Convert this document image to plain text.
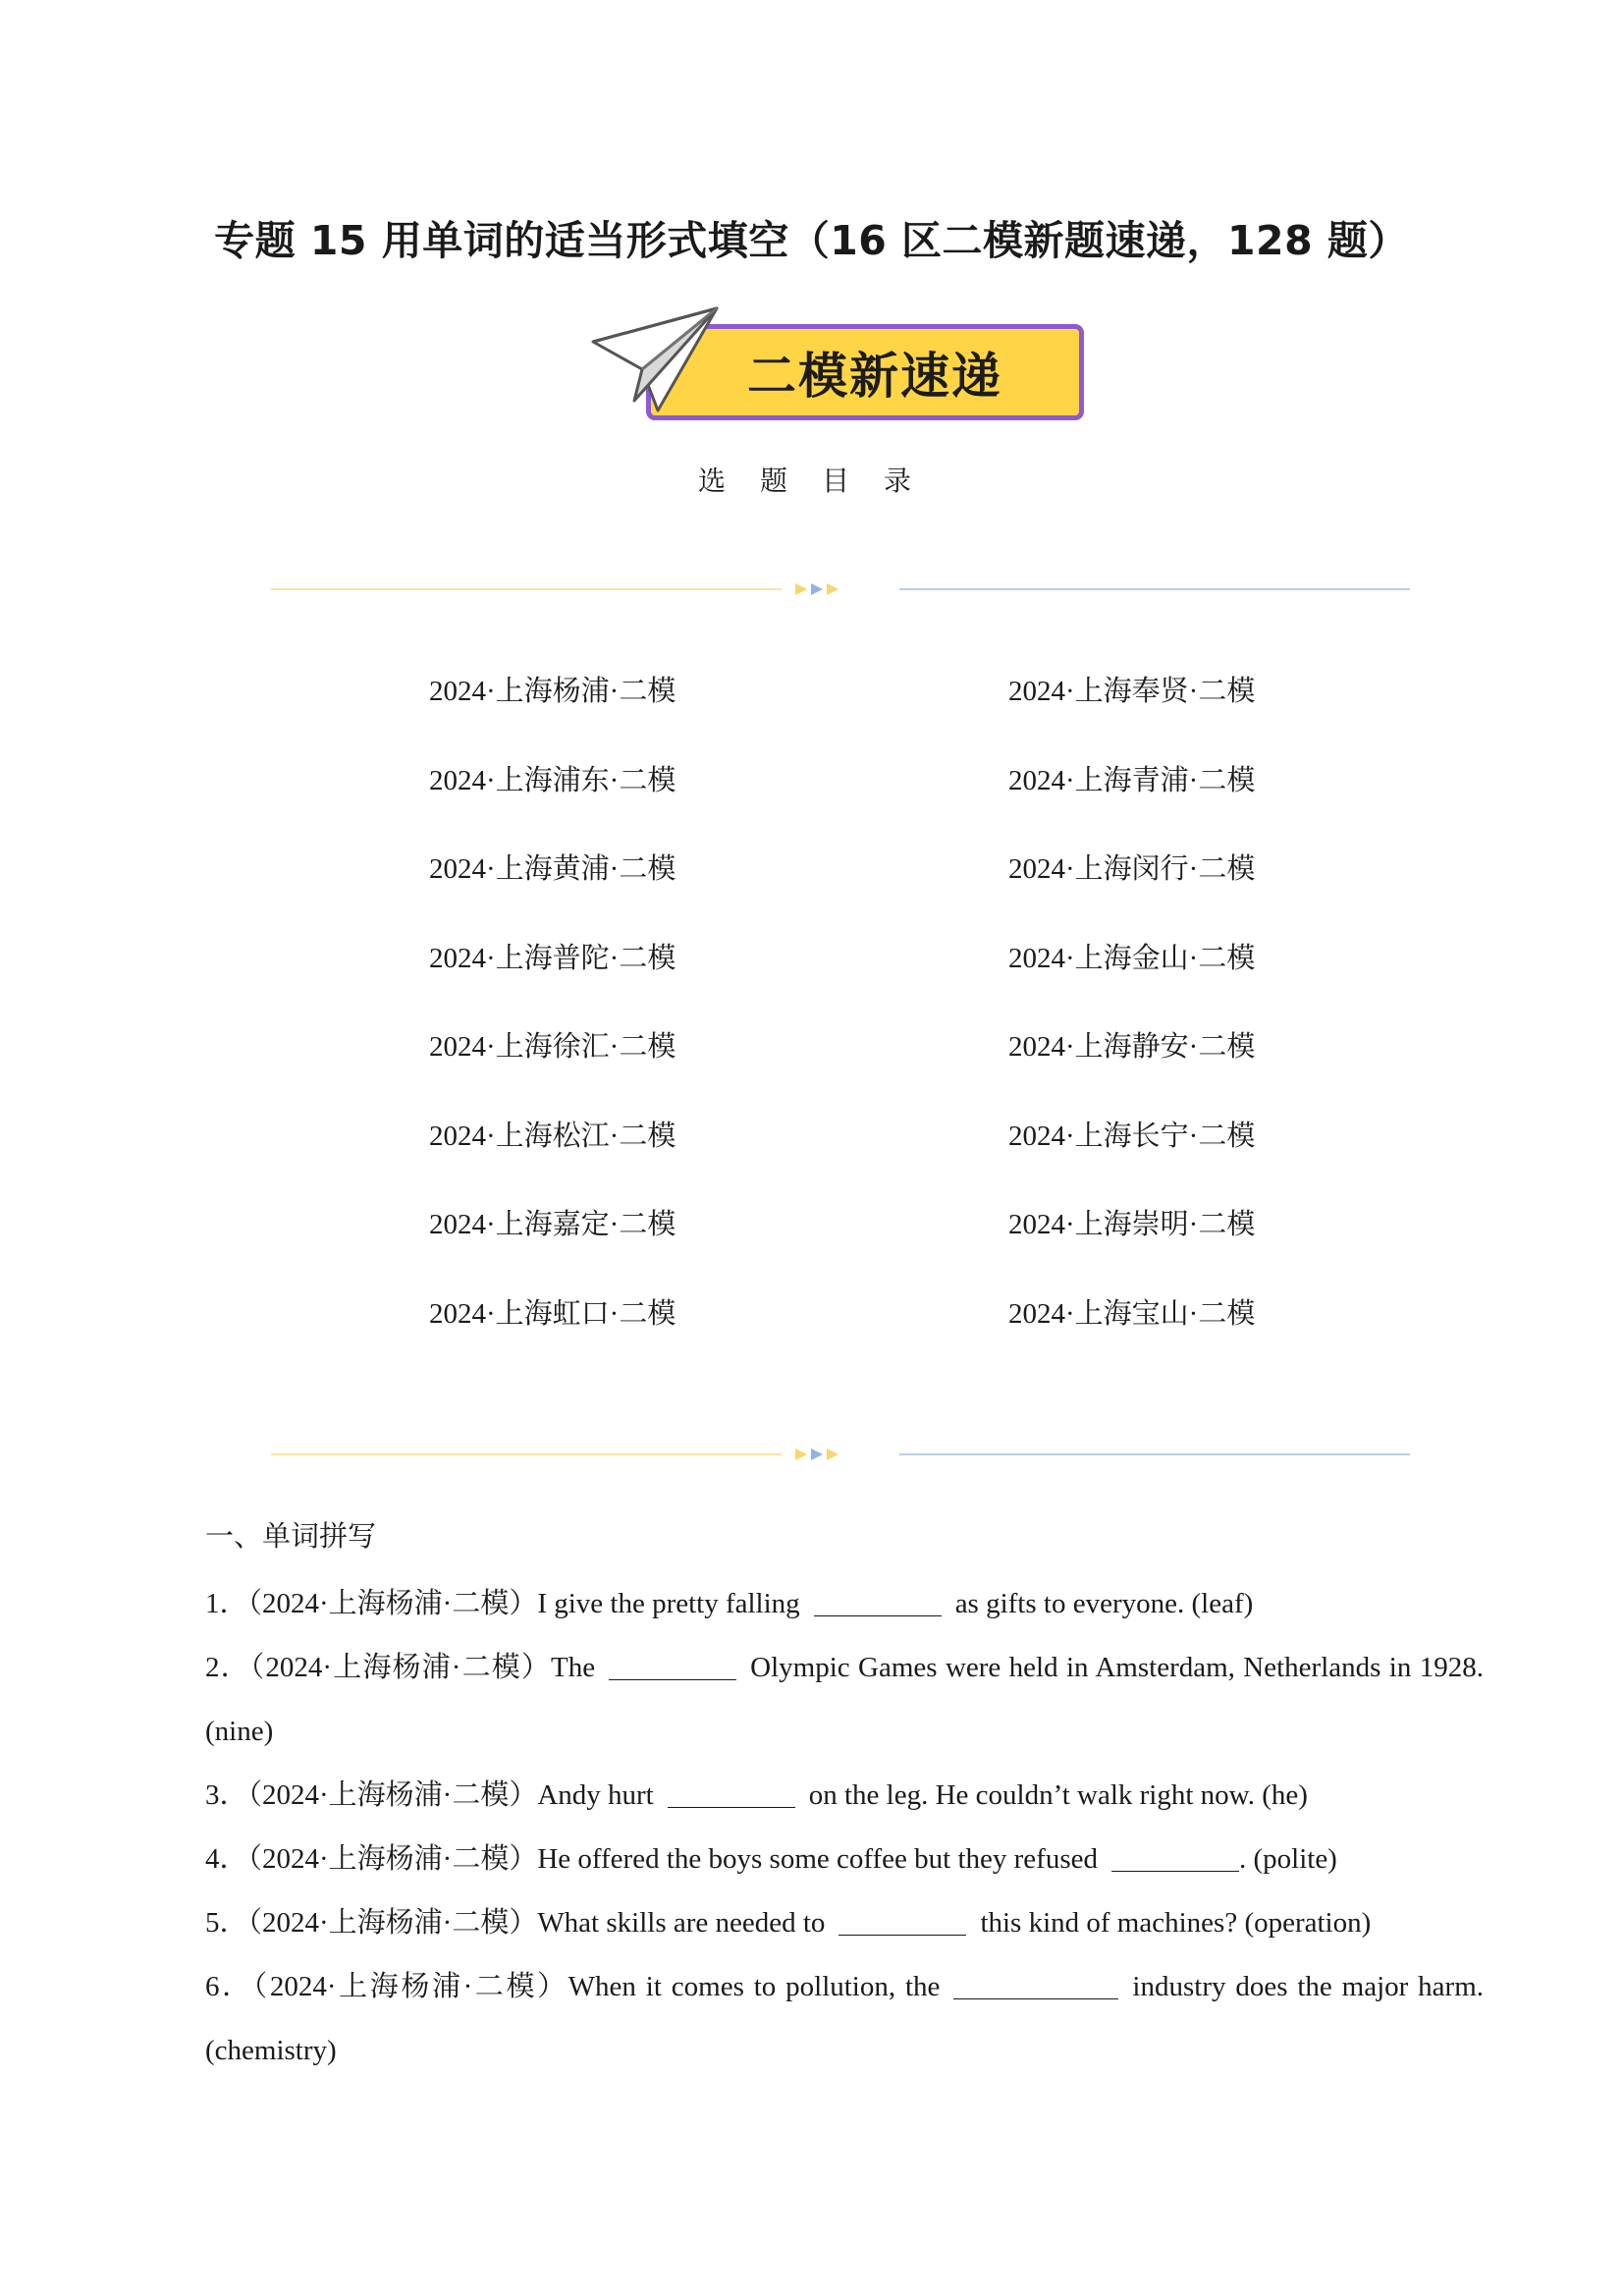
专题 15 用单词的适当形式填空（16 区二模新题速递，128 题）
二模新速递
选 题 目 录
2024·上海杨浦·二模
2024·上海浦东·二模
2024·上海黄浦·二模
2024·上海普陀·二模
2024·上海徐汇·二模
2024·上海松江·二模
2024·上海嘉定·二模
2024·上海虹口·二模
2024·上海奉贤·二模
2024·上海青浦·二模
2024·上海闵行·二模
2024·上海金山·二模
2024·上海静安·二模
2024·上海长宁·二模
2024·上海崇明·二模
2024·上海宝山·二模
一、单词拼写
1．（2024·上海杨浦·二模）I give the pretty falling	as gifts to everyone. (leaf)
2．（2024·上海杨浦·二模）The	Olympic Games were held in Amsterdam, Netherlands in 1928.
(nine)
3．（2024·上海杨浦·二模）Andy hurt	on the leg. He couldn’t walk right now. (he)
4．（2024·上海杨浦·二模）He offered the boys some coffee but they refused	. (polite)
5．（2024·上海杨浦·二模）What skills are needed to	this kind of machines? (operation)
6．（2024·上海杨浦·二模）When it comes to pollution, the	industry does the major harm.
(chemistry)
